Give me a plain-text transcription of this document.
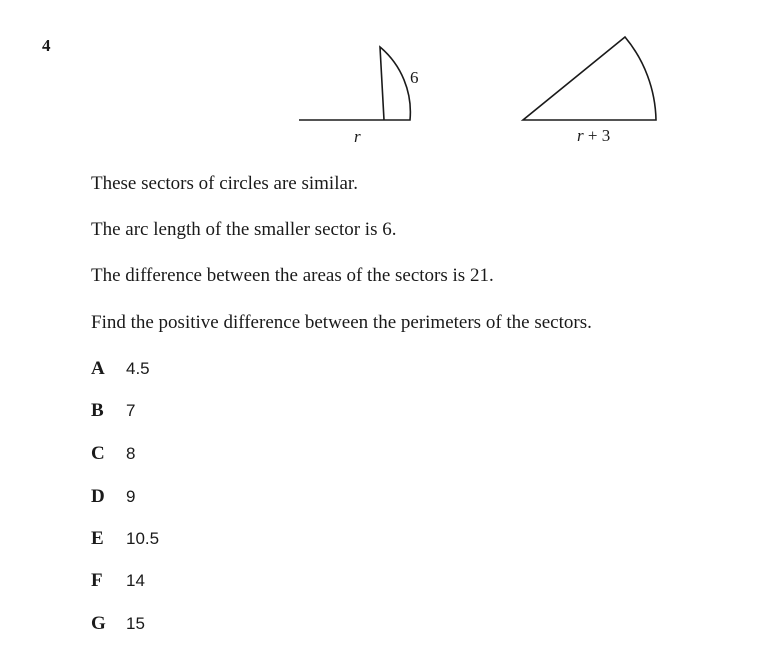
4
r
6
r + 3
These sectors of circles are similar.
The arc length of the smaller sector is 6.
The difference between the areas of the sectors is 21.
Find the positive difference between the perimeters of the sectors.
A 4.5
B 7
C 8
D 9
E 10.5
F 14
G 15
